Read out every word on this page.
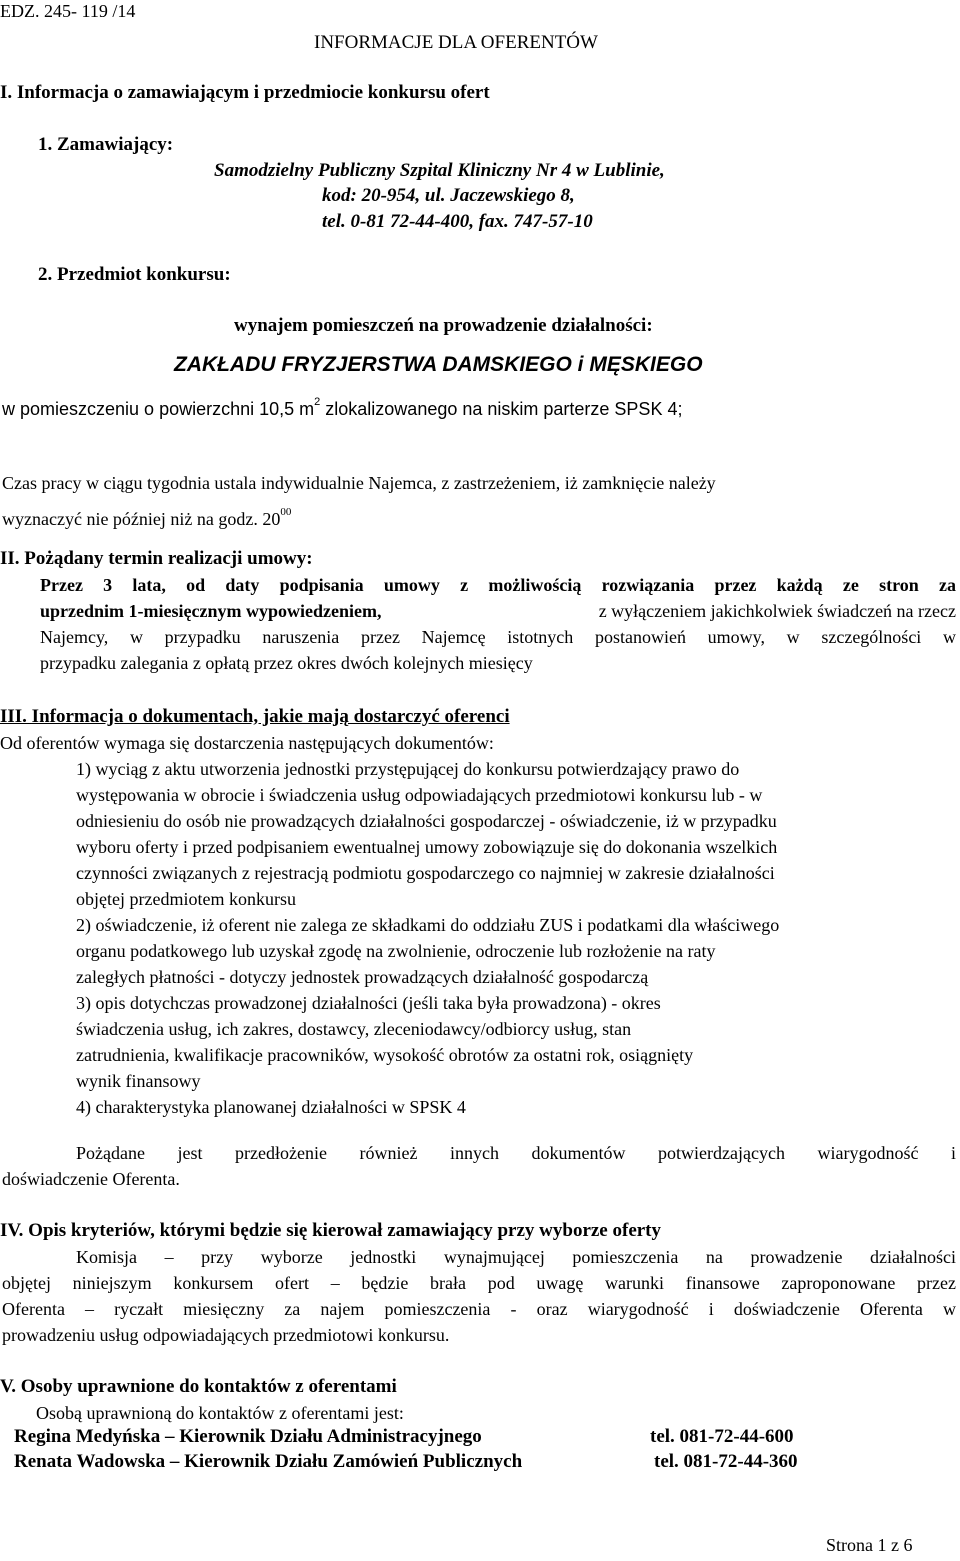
EDZ. 245- 119 /14
INFORMACJE DLA OFERENTÓW
I. Informacja o zamawiającym i przedmiocie konkursu ofert
1. Zamawiający:
Samodzielny Publiczny Szpital Kliniczny Nr 4 w Lublinie,
kod: 20-954, ul. Jaczewskiego 8,
tel. 0-81 72-44-400, fax. 747-57-10
2. Przedmiot konkursu:
wynajem pomieszczeń na prowadzenie działalności:
ZAKŁADU FRYZJERSTWA DAMSKIEGO i MĘSKIEGO
w pomieszczeniu o powierzchni 10,5 $m^2$ zlokalizowanego na niskim parterze SPSK 4;
Czas pracy w ciągu tygodnia ustala indywidualnie Najemca, z zastrzeżeniem, iż zamknięcie należy
wyznaczyć nie później niż na godz. $20^{00}$
II. Pożądany termin realizacji umowy:
Przez 3 lata, od daty podpisania umowy z możliwością rozwiązania przez każdą ze stron za
uprzednim 1-miesięcznym wypowiedzeniem,	z wyłączeniem jakichkolwiek świadczeń na rzecz
Najemcy, w przypadku naruszenia przez Najemcę istotnych postanowień umowy, w szczególności w
przypadku zalegania z opłatą przez okres dwóch kolejnych miesięcy
III. Informacja o dokumentach, jakie mają dostarczyć oferenci
Od oferentów wymaga się dostarczenia następujących dokumentów:
1) wyciąg z aktu utworzenia jednostki przystępującej do konkursu potwierdzający prawo do
występowania w obrocie i świadczenia usług odpowiadających przedmiotowi konkursu lub - w
odniesieniu do osób nie prowadzących działalności gospodarczej - oświadczenie, iż w przypadku
wyboru oferty i przed podpisaniem ewentualnej umowy zobowiązuje się do dokonania wszelkich
czynności związanych z rejestracją podmiotu gospodarczego co najmniej w zakresie działalności
objętej przedmiotem konkursu
2) oświadczenie, iż oferent nie zalega ze składkami do oddziału ZUS i podatkami dla właściwego
organu podatkowego lub uzyskał zgodę na zwolnienie, odroczenie lub rozłożenie na raty
zaległych płatności - dotyczy jednostek prowadzących działalność gospodarczą
3) opis dotychczas prowadzonej działalności (jeśli taka była prowadzona) - okres
świadczenia usług, ich zakres, dostawcy, zleceniodawcy/odbiorcy usług, stan
zatrudnienia, kwalifikacje pracowników, wysokość obrotów za ostatni rok, osiągnięty
wynik finansowy
4) charakterystyka planowanej działalności w SPSK 4
Pożądane jest przedłożenie również innych dokumentów potwierdzających wiarygodność i
doświadczenie Oferenta.
IV. Opis kryteriów, którymi będzie się kierował zamawiający przy wyborze oferty
Komisja – przy wyborze jednostki wynajmującej pomieszczenia na prowadzenie działalności
objętej niniejszym konkursem ofert – będzie brała pod uwagę warunki finansowe zaproponowane przez
Oferenta – ryczałt miesięczny za najem pomieszczenia - oraz wiarygodność i doświadczenie Oferenta w
prowadzeniu usług odpowiadających przedmiotowi konkursu.
V. Osoby uprawnione do kontaktów z oferentami
Osobą uprawnioną do kontaktów z oferentami jest:
Regina Medyńska – Kierownik Działu Administracyjnego	tel. 081-72-44-600
Renata Wadowska – Kierownik Działu Zamówień Publicznych	tel. 081-72-44-360
Strona 1 z 6
